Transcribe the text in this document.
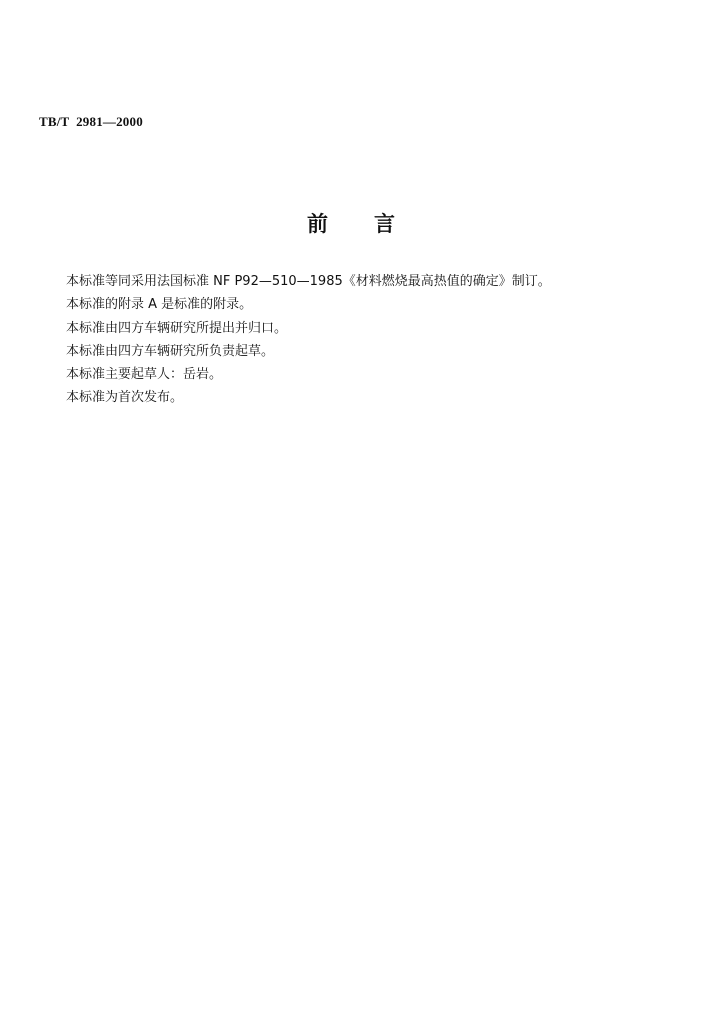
TB/T  2981—2000
前 言

本标准等同采用法国标准 NF P92—510—1985《材料燃烧最高热值的确定》制订。

本标准的附录 A 是标准的附录。

本标准由四方车辆研究所提出并归口。

本标准由四方车辆研究所负责起草。

本标准主要起草人：岳岩。

本标准为首次发布。
